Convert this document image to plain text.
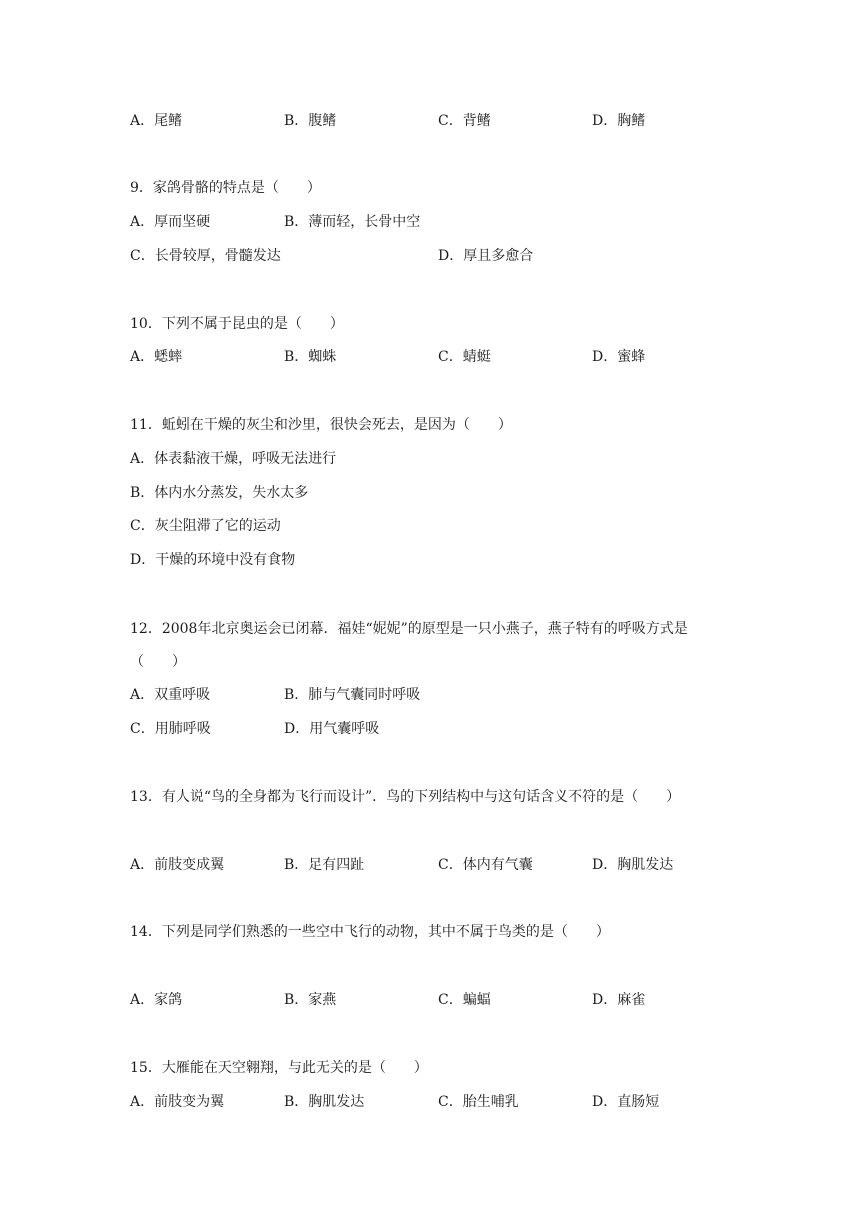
A．尾鳍	B．腹鳍	C．背鳍	D．胸鳍
9．家鸽骨骼的特点是（　　）
A．厚而坚硬	B．薄而轻，长骨中空
C．长骨较厚，骨髓发达	D．厚且多愈合
10．下列不属于昆虫的是（　　）
A．蟋蟀	B．蜘蛛	C．蜻蜓	D．蜜蜂
11．蚯蚓在干燥的灰尘和沙里，很快会死去，是因为（　　）
A．体表黏液干燥，呼吸无法进行
B．体内水分蒸发，失水太多
C．灰尘阻滞了它的运动
D．干燥的环境中没有食物
12．2008年北京奥运会已闭幕．福娃“妮妮”的原型是一只小燕子，燕子特有的呼吸方式是
（　　）
A．双重呼吸	B．肺与气囊同时呼吸
C．用肺呼吸	D．用气囊呼吸
13．有人说“鸟的全身都为飞行而设计”．鸟的下列结构中与这句话含义不符的是（　　）
A．前肢变成翼	B．足有四趾	C．体内有气囊	D．胸肌发达
14．下列是同学们熟悉的一些空中飞行的动物，其中不属于鸟类的是（　　）
A．家鸽	B．家燕	C．蝙蝠	D．麻雀
15．大雁能在天空翱翔，与此无关的是（　　）
A．前肢变为翼	B．胸肌发达	C．胎生哺乳	D．直肠短
